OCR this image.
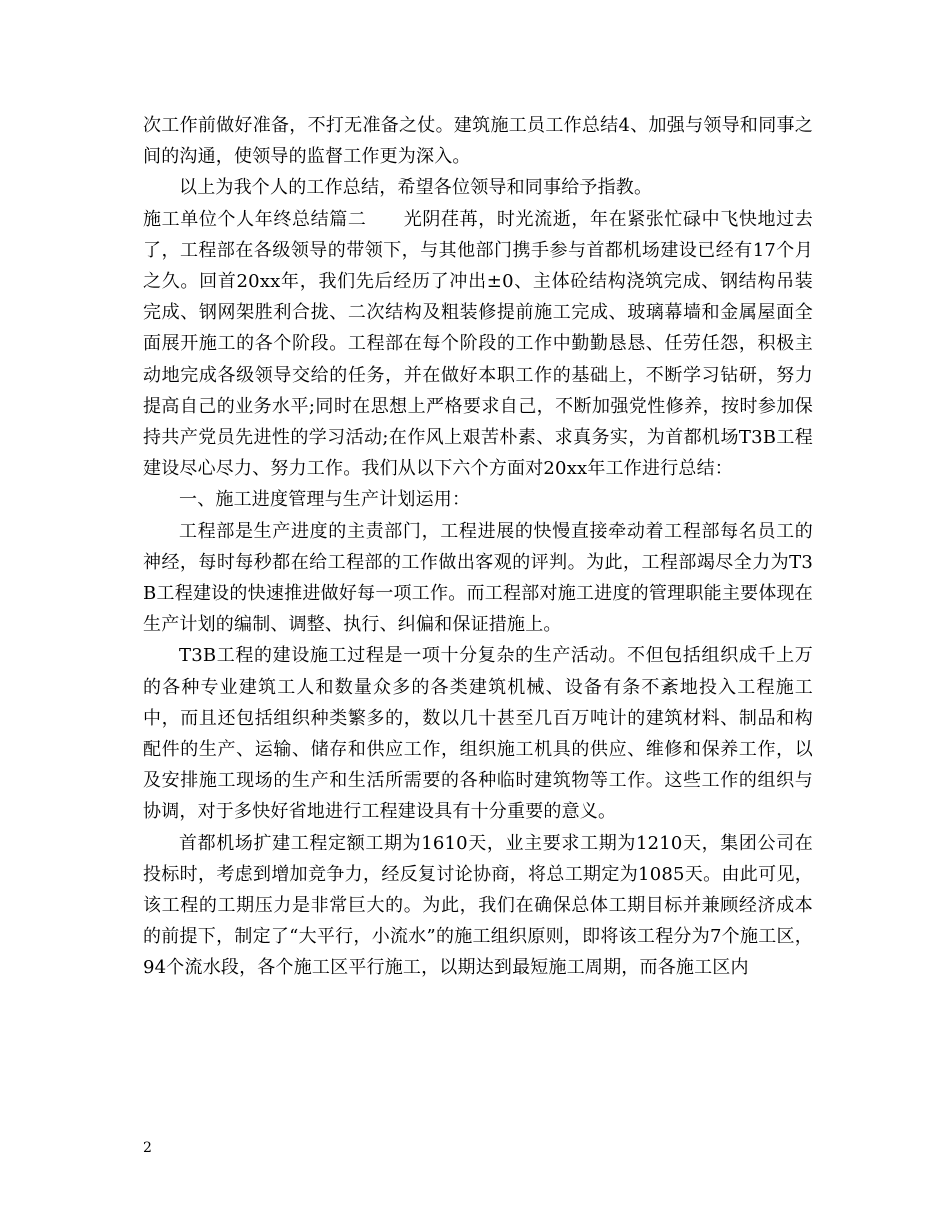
次工作前做好准备，不打无准备之仗。建筑施工员工作总结4、加强与领导和同事之间的沟通，使领导的监督工作更为深入。

以上为我个人的工作总结，希望各位领导和同事给予指教。

施工单位个人年终总结篇二　　光阴荏苒，时光流逝，年在紧张忙碌中飞快地过去了，工程部在各级领导的带领下，与其他部门携手参与首都机场建设已经有17个月之久。回首20xx年，我们先后经历了冲出±0、主体砼结构浇筑完成、钢结构吊装完成、钢网架胜利合拢、二次结构及粗装修提前施工完成、玻璃幕墙和金属屋面全面展开施工的各个阶段。工程部在每个阶段的工作中勤勤恳恳、任劳任怨，积极主动地完成各级领导交给的任务，并在做好本职工作的基础上，不断学习钻研，努力提高自己的业务水平;同时在思想上严格要求自己，不断加强党性修养，按时参加保持共产党员先进性的学习活动;在作风上艰苦朴素、求真务实，为首都机场T3B工程建设尽心尽力、努力工作。我们从以下六个方面对20xx年工作进行总结：

一、施工进度管理与生产计划运用：

工程部是生产进度的主责部门，工程进展的快慢直接牵动着工程部每名员工的神经，每时每秒都在给工程部的工作做出客观的评判。为此，工程部竭尽全力为T3B工程建设的快速推进做好每一项工作。而工程部对施工进度的管理职能主要体现在生产计划的编制、调整、执行、纠偏和保证措施上。

T3B工程的建设施工过程是一项十分复杂的生产活动。不但包括组织成千上万的各种专业建筑工人和数量众多的各类建筑机械、设备有条不紊地投入工程施工中，而且还包括组织种类繁多的，数以几十甚至几百万吨计的建筑材料、制品和构配件的生产、运输、储存和供应工作，组织施工机具的供应、维修和保养工作，以及安排施工现场的生产和生活所需要的各种临时建筑物等工作。这些工作的组织与协调，对于多快好省地进行工程建设具有十分重要的意义。

首都机场扩建工程定额工期为1610天，业主要求工期为1210天，集团公司在投标时，考虑到增加竞争力，经反复讨论协商，将总工期定为1085天。由此可见，该工程的工期压力是非常巨大的。为此，我们在确保总体工期目标并兼顾经济成本的前提下，制定了“大平行，小流水”的施工组织原则，即将该工程分为7个施工区，94个流水段，各个施工区平行施工，以期达到最短施工周期，而各施工区内

2
